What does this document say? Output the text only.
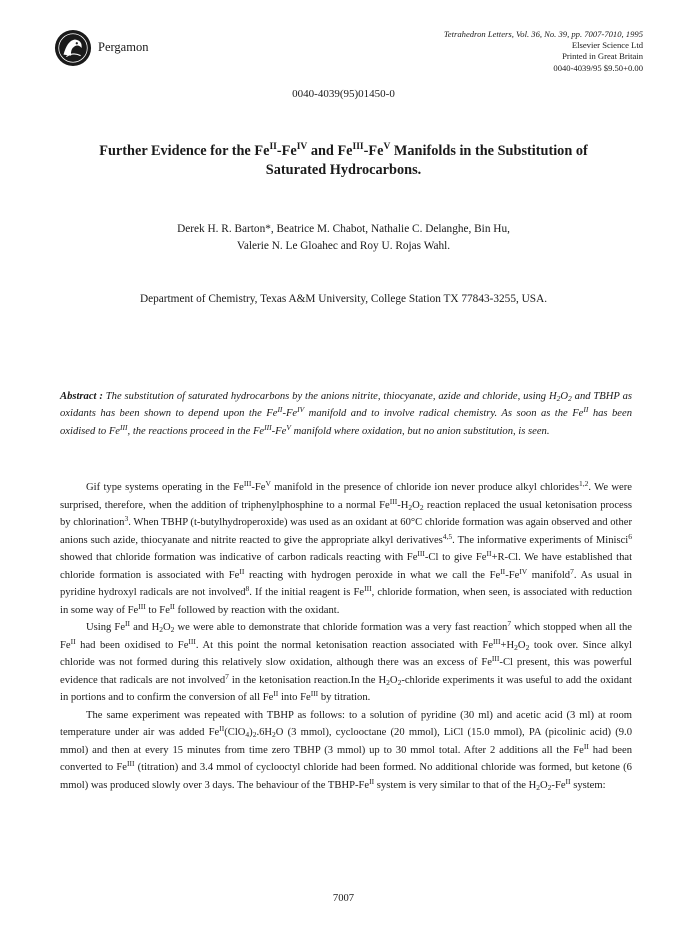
Pergamon
Tetrahedron Letters, Vol. 36, No. 39, pp. 7007-7010, 1995
Elsevier Science Ltd
Printed in Great Britain
0040-4039/95 $9.50+0.00
0040-4039(95)01450-0
Further Evidence for the $Fe^{II}-Fe^{IV}$ and $Fe^{III}-Fe^V$ Manifolds in the Substitution of Saturated Hydrocarbons.
Derek H. R. Barton*, Beatrice M. Chabot, Nathalie C. Delanghe, Bin Hu,
Valerie N. Le Gloahec and Roy U. Rojas Wahl.
Department of Chemistry, Texas A&M University, College Station TX 77843-3255, USA.
Abstract : The substitution of saturated hydrocarbons by the anions nitrite, thiocyanate, azide and chloride, using $H_2O_2$ and TBHP as oxidants has been shown to depend upon the $Fe^{II}-Fe^{IV}$ manifold and to involve radical chemistry. As soon as the $Fe^{II}$ has been oxidised to $Fe^{III}$, the reactions proceed in the $Fe^{III}-Fe^V$ manifold where oxidation, but no anion substitution, is seen.

Gif type systems operating in the $Fe^{III}-Fe^V$ manifold in the presence of chloride ion never produce alkyl chlorides$^{1,2}$. We were surprised, therefore, when the addition of triphenylphosphine to a normal $Fe^{III}-H_2O_2$ reaction replaced the usual ketonisation process by chlorination$^3$. When TBHP (t-butylhydroperoxide) was used as an oxidant at 60°C chloride formation was again observed and other anions such azide, thiocyanate and nitrite reacted to give the appropriate alkyl derivatives$^{4,5}$. The informative experiments of Minisci$^6$ showed that chloride formation was indicative of carbon radicals reacting with $Fe^{III}-Cl$ to give $Fe^{II}+R-Cl$. We have established that chloride formation is associated with $Fe^{II}$ reacting with hydrogen peroxide in what we call the $Fe^{II}-Fe^{IV}$ manifold$^7$. As usual in pyridine hydroxyl radicals are not involved$^8$. If the initial reagent is $Fe^{III}$, chloride formation, when seen, is associated with reduction in some way of $Fe^{III}$ to $Fe^{II}$ followed by reaction with the oxidant.

Using $Fe^{II}$ and $H_2O_2$ we were able to demonstrate that chloride formation was a very fast reaction$^7$ which stopped when all the $Fe^{II}$ had been oxidised to $Fe^{III}$. At this point the normal ketonisation reaction associated with $Fe^{III}+H_2O_2$ took over. Since alkyl chloride was not formed during this relatively slow oxidation, although there was an excess of $Fe^{III}-Cl$ present, this was powerful evidence that radicals are not involved$^7$ in the ketonisation reaction.In the $H_2O_2$-chloride experiments it was useful to add the oxidant in portions and to confirm the conversion of all $Fe^{II}$ into $Fe^{III}$ by titration.

The same experiment was repeated with TBHP as follows: to a solution of pyridine (30 ml) and acetic acid (3 ml) at room temperature under air was added $Fe^{II}(ClO_4)_2.6H_2O$ (3 mmol), cyclooctane (20 mmol), LiCl (15.0 mmol), PA (picolinic acid) (9.0 mmol) and then at every 15 minutes from time zero TBHP (3 mmol) up to 30 mmol total. After 2 additions all the $Fe^{II}$ had been converted to $Fe^{III}$ (titration) and 3.4 mmol of cyclooctyl chloride had been formed. No additional chloride was formed, but ketone (6 mmol) was produced slowly over 3 days. The behaviour of the TBHP-$Fe^{II}$ system is very similar to that of the $H_2O_2-Fe^{II}$ system:

7007
